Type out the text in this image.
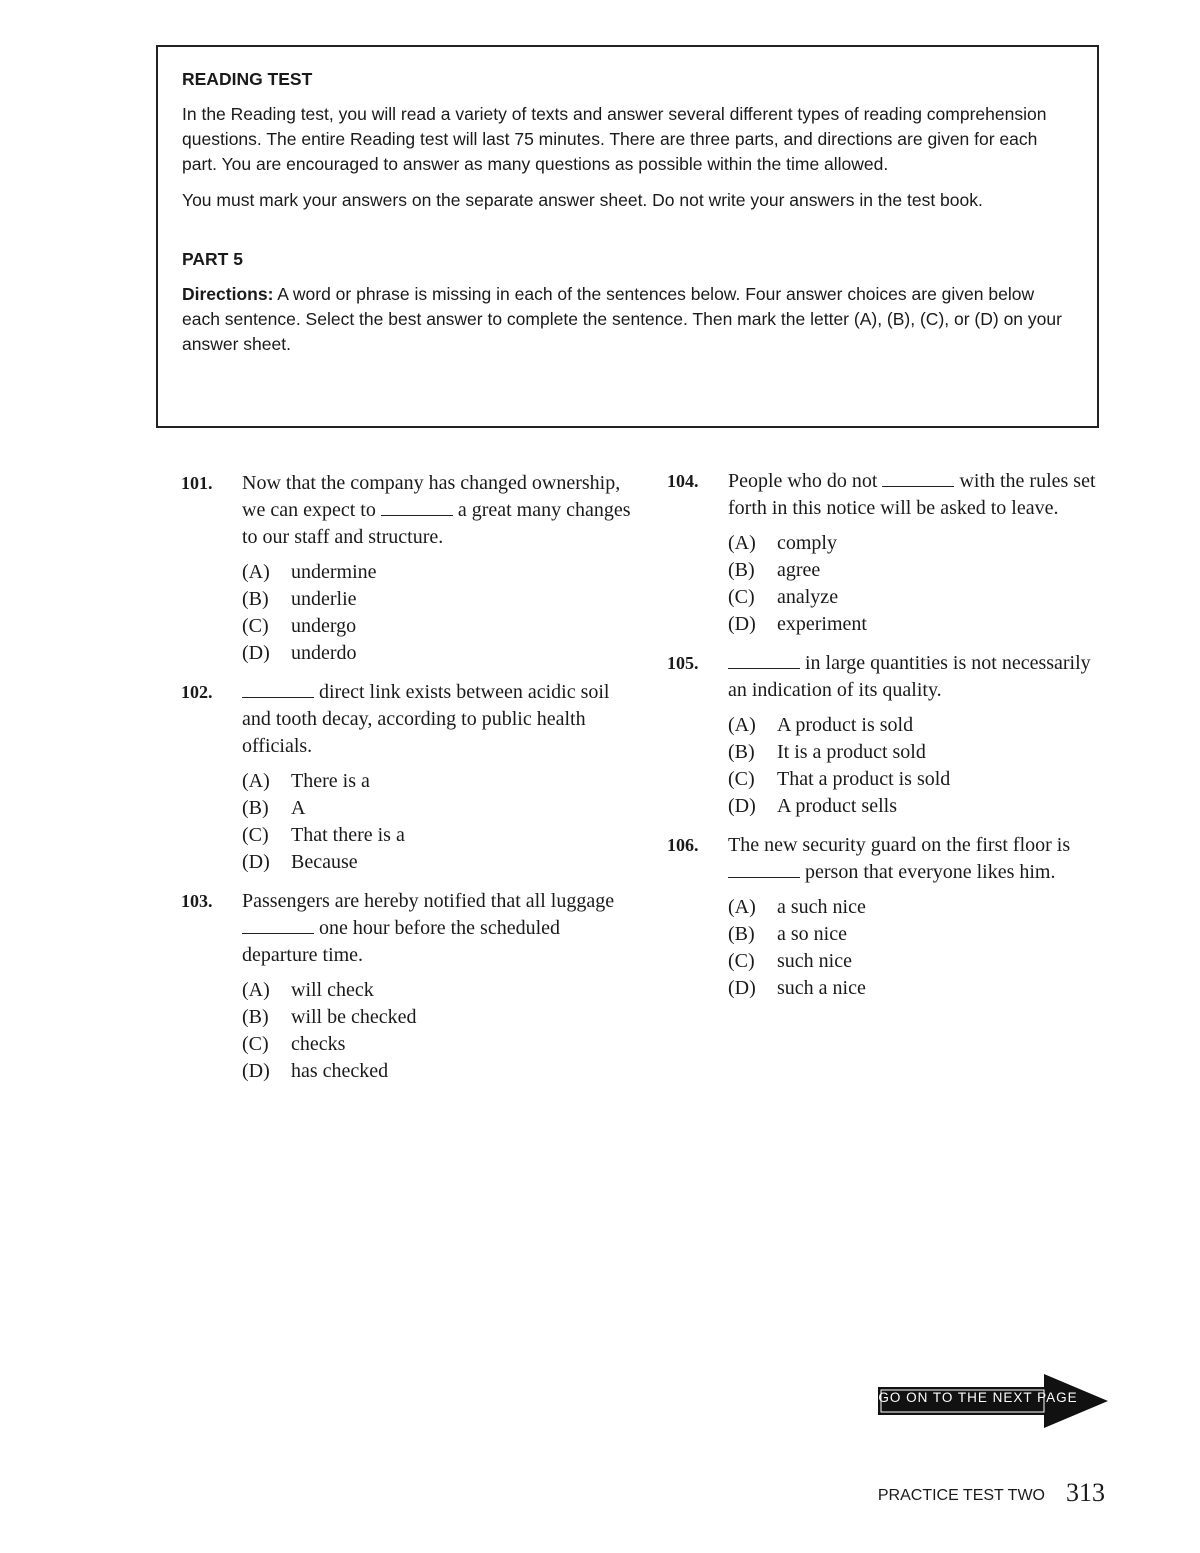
READING TEST

In the Reading test, you will read a variety of texts and answer several different types of reading comprehension questions. The entire Reading test will last 75 minutes. There are three parts, and directions are given for each part. You are encouraged to answer as many questions as possible within the time allowed.

You must mark your answers on the separate answer sheet. Do not write your answers in the test book.

PART 5

Directions: A word or phrase is missing in each of the sentences below. Four answer choices are given below each sentence. Select the best answer to complete the sentence. Then mark the letter (A), (B), (C), or (D) on your answer sheet.

101.	Now that the company has changed ownership, we can expect to	a great many changes to our staff and structure.
(A)	undermine
(B)	underlie
(C)	undergo
(D)	underdo
102.	direct link exists between acidic soil and tooth decay, according to public health officials.
(A)	There is a
(B)	A
(C)	That there is a
(D)	Because
103.	Passengers are hereby notified that all luggage  one hour before the scheduled departure time.
(A)	will check
(B)	will be checked
(C)	checks
(D)	has checked
104.	People who do not	with the rules set forth in this notice will be asked to leave.
(A)	comply
(B)	agree
(C)	analyze
(D)	experiment
105.	in large quantities is not necessarily an indication of its quality.
(A)	A product is sold
(B)	It is a product sold
(C)	That a product is sold
(D)	A product sells
106.	The new security guard on the first floor is  person that everyone likes him.
(A)	a such nice
(B)	a so nice
(C)	such nice
(D)	such a nice
GO ON TO THE NEXT PAGE
PRACTICE TEST TWO 313
